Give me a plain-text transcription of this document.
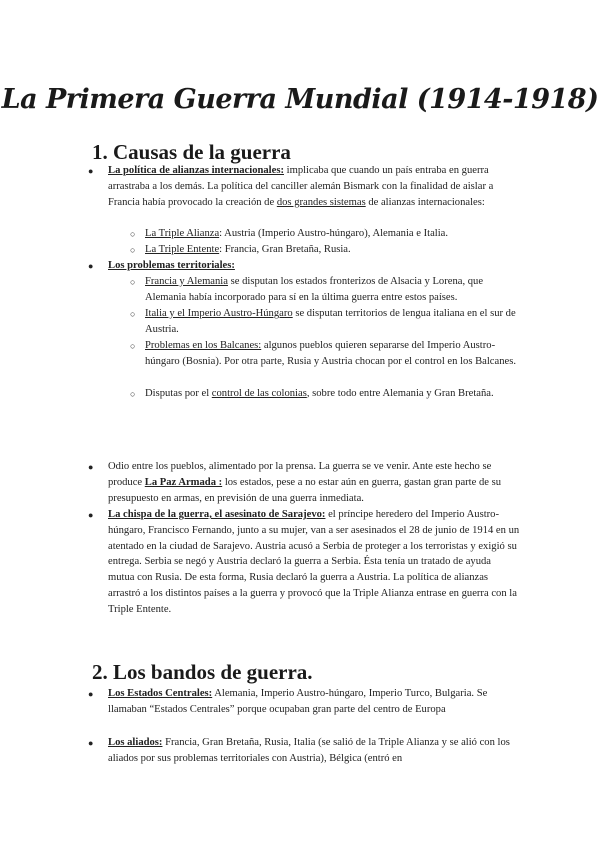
La Primera Guerra Mundial (1914-1918)
1. Causas de la guerra
● La política de alianzas internacionales: implicaba que cuando un país entraba en guerra arrastraba a los demás. La política del canciller alemán Bismark con la finalidad de aislar a Francia había provocado la creación de dos grandes sistemas de alianzas internacionales:
○ La Triple Alianza: Austria (Imperio Austro-húngaro), Alemania e Italia.
○ La Triple Entente: Francia, Gran Bretaña, Rusia.
● Los problemas territoriales:
○ Francia y Alemania se disputan los estados fronterizos de Alsacia y Lorena, que Alemania había incorporado para sí en la última guerra entre estos países.
○ Italia y el Imperio Austro-Húngaro se disputan territorios de lengua italiana en el sur de Austria.
○ Problemas en los Balcanes: algunos pueblos quieren separarse del Imperio Austro-húngaro (Bosnia). Por otra parte, Rusia y Austria chocan por el control en los Balcanes.
○ Disputas por el control de las colonias, sobre todo entre Alemania y Gran Bretaña.
● Odio entre los pueblos, alimentado por la prensa. La guerra se ve venir. Ante este hecho se produce La Paz Armada : los estados, pese a no estar aún en guerra, gastan gran parte de su presupuesto en armas, en previsión de una guerra inmediata.
● La chispa de la guerra, el asesinato de Sarajevo: el príncipe heredero del Imperio Austro-húngaro, Francisco Fernando, junto a su mujer, van a ser asesinados el 28 de junio de 1914 en un atentado en la ciudad de Sarajevo. Austria acusó a Serbia de proteger a los terroristas y exigió su entrega. Serbia se negó y Austria declaró la guerra a Serbia. Ésta tenía un tratado de ayuda mutua con Rusia. De esta forma, Rusia declaró la guerra a Austria. La política de alianzas arrastró a los distintos países a la guerra y provocó que la Triple Alianza entrase en guerra con la Triple Entente.
2. Los bandos de guerra.
● Los Estados Centrales: Alemania, Imperio Austro-húngaro, Imperio Turco, Bulgaria. Se llamaban “Estados Centrales” porque ocupaban gran parte del centro de Europa
● Los aliados: Francia, Gran Bretaña, Rusia, Italia (se salió de la Triple Alianza y se alió con los aliados por sus problemas territoriales con Austria), Bélgica (entró en
